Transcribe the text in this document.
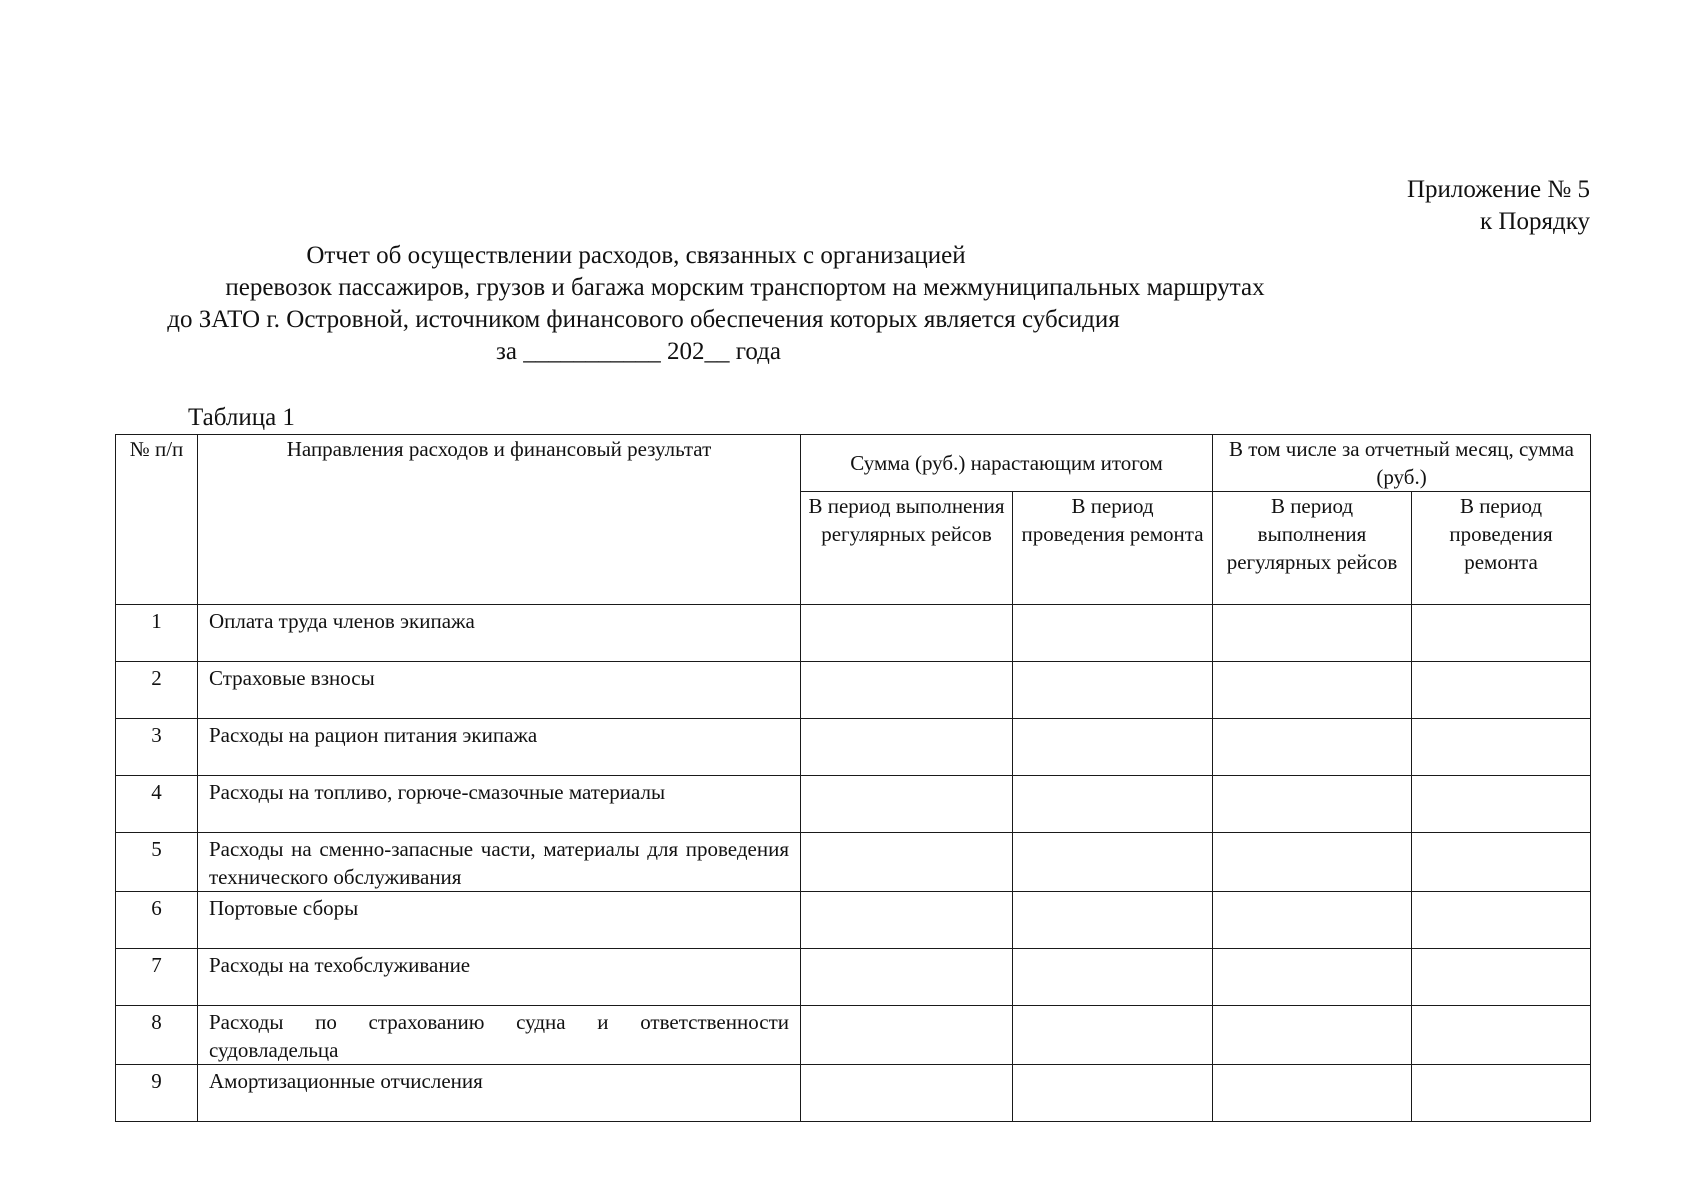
Приложение № 5
к Порядку
Отчет об осуществлении расходов, связанных с организацией
перевозок пассажиров, грузов и багажа морским транспортом на межмуниципальных маршрутах
до ЗАТО г. Островной, источником финансового обеспечения которых является субсидия
за ___________ 202__ года
Таблица 1
№ п/п	Направления расходов и финансовый результат	Сумма (руб.) нарастающим итогом		В том числе за отчетный месяц, сумма (руб.)	
		В период выполнения регулярных рейсов	В период проведения ремонта	В период выполнения регулярных рейсов	В период проведения ремонта
1	Оплата труда членов экипажа				
2	Страховые взносы				
3	Расходы на рацион питания экипажа				
4	Расходы на топливо, горюче-смазочные материалы				
5	Расходы на сменно-запасные части, материалы для проведения технического обслуживания				
6	Портовые сборы				
7	Расходы на техобслуживание				
8	Расходы по страхованию судна и ответственности судовладельца				
9	Амортизационные отчисления				
